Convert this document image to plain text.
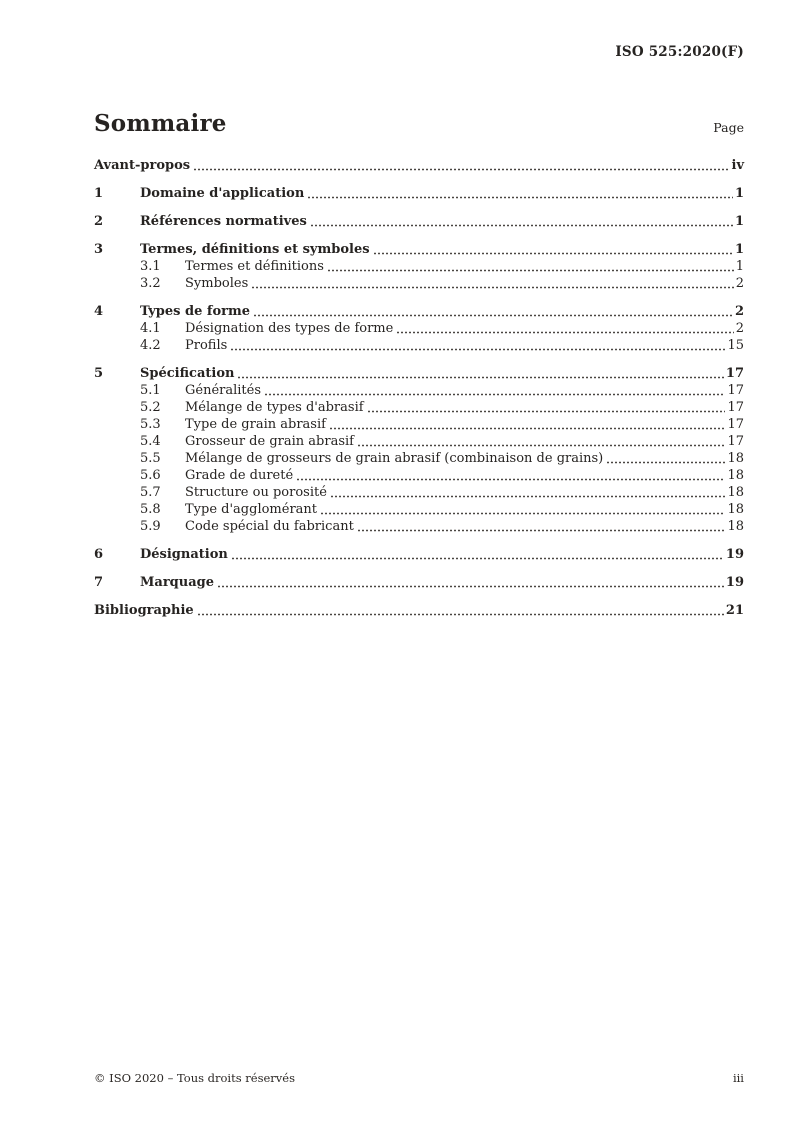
ISO 525:2020(F)
Sommaire	Page
Avant-propos	iv
1	Domaine d'application	1
2	Références normatives	1
3	Termes, définitions et symboles	1
3.1	Termes et définitions	1
3.2	Symboles	2
4	Types de forme	2
4.1	Désignation des types de forme	2
4.2	Profils	15
5	Spécification	17
5.1	Généralités	17
5.2	Mélange de types d'abrasif	17
5.3	Type de grain abrasif	17
5.4	Grosseur de grain abrasif	17
5.5	Mélange de grosseurs de grain abrasif (combinaison de grains)	18
5.6	Grade de dureté	18
5.7	Structure ou porosité	18
5.8	Type d'agglomérant	18
5.9	Code spécial du fabricant	18
6	Désignation	19
7	Marquage	19
Bibliographie	21
© ISO 2020 – Tous droits réservés	iii
